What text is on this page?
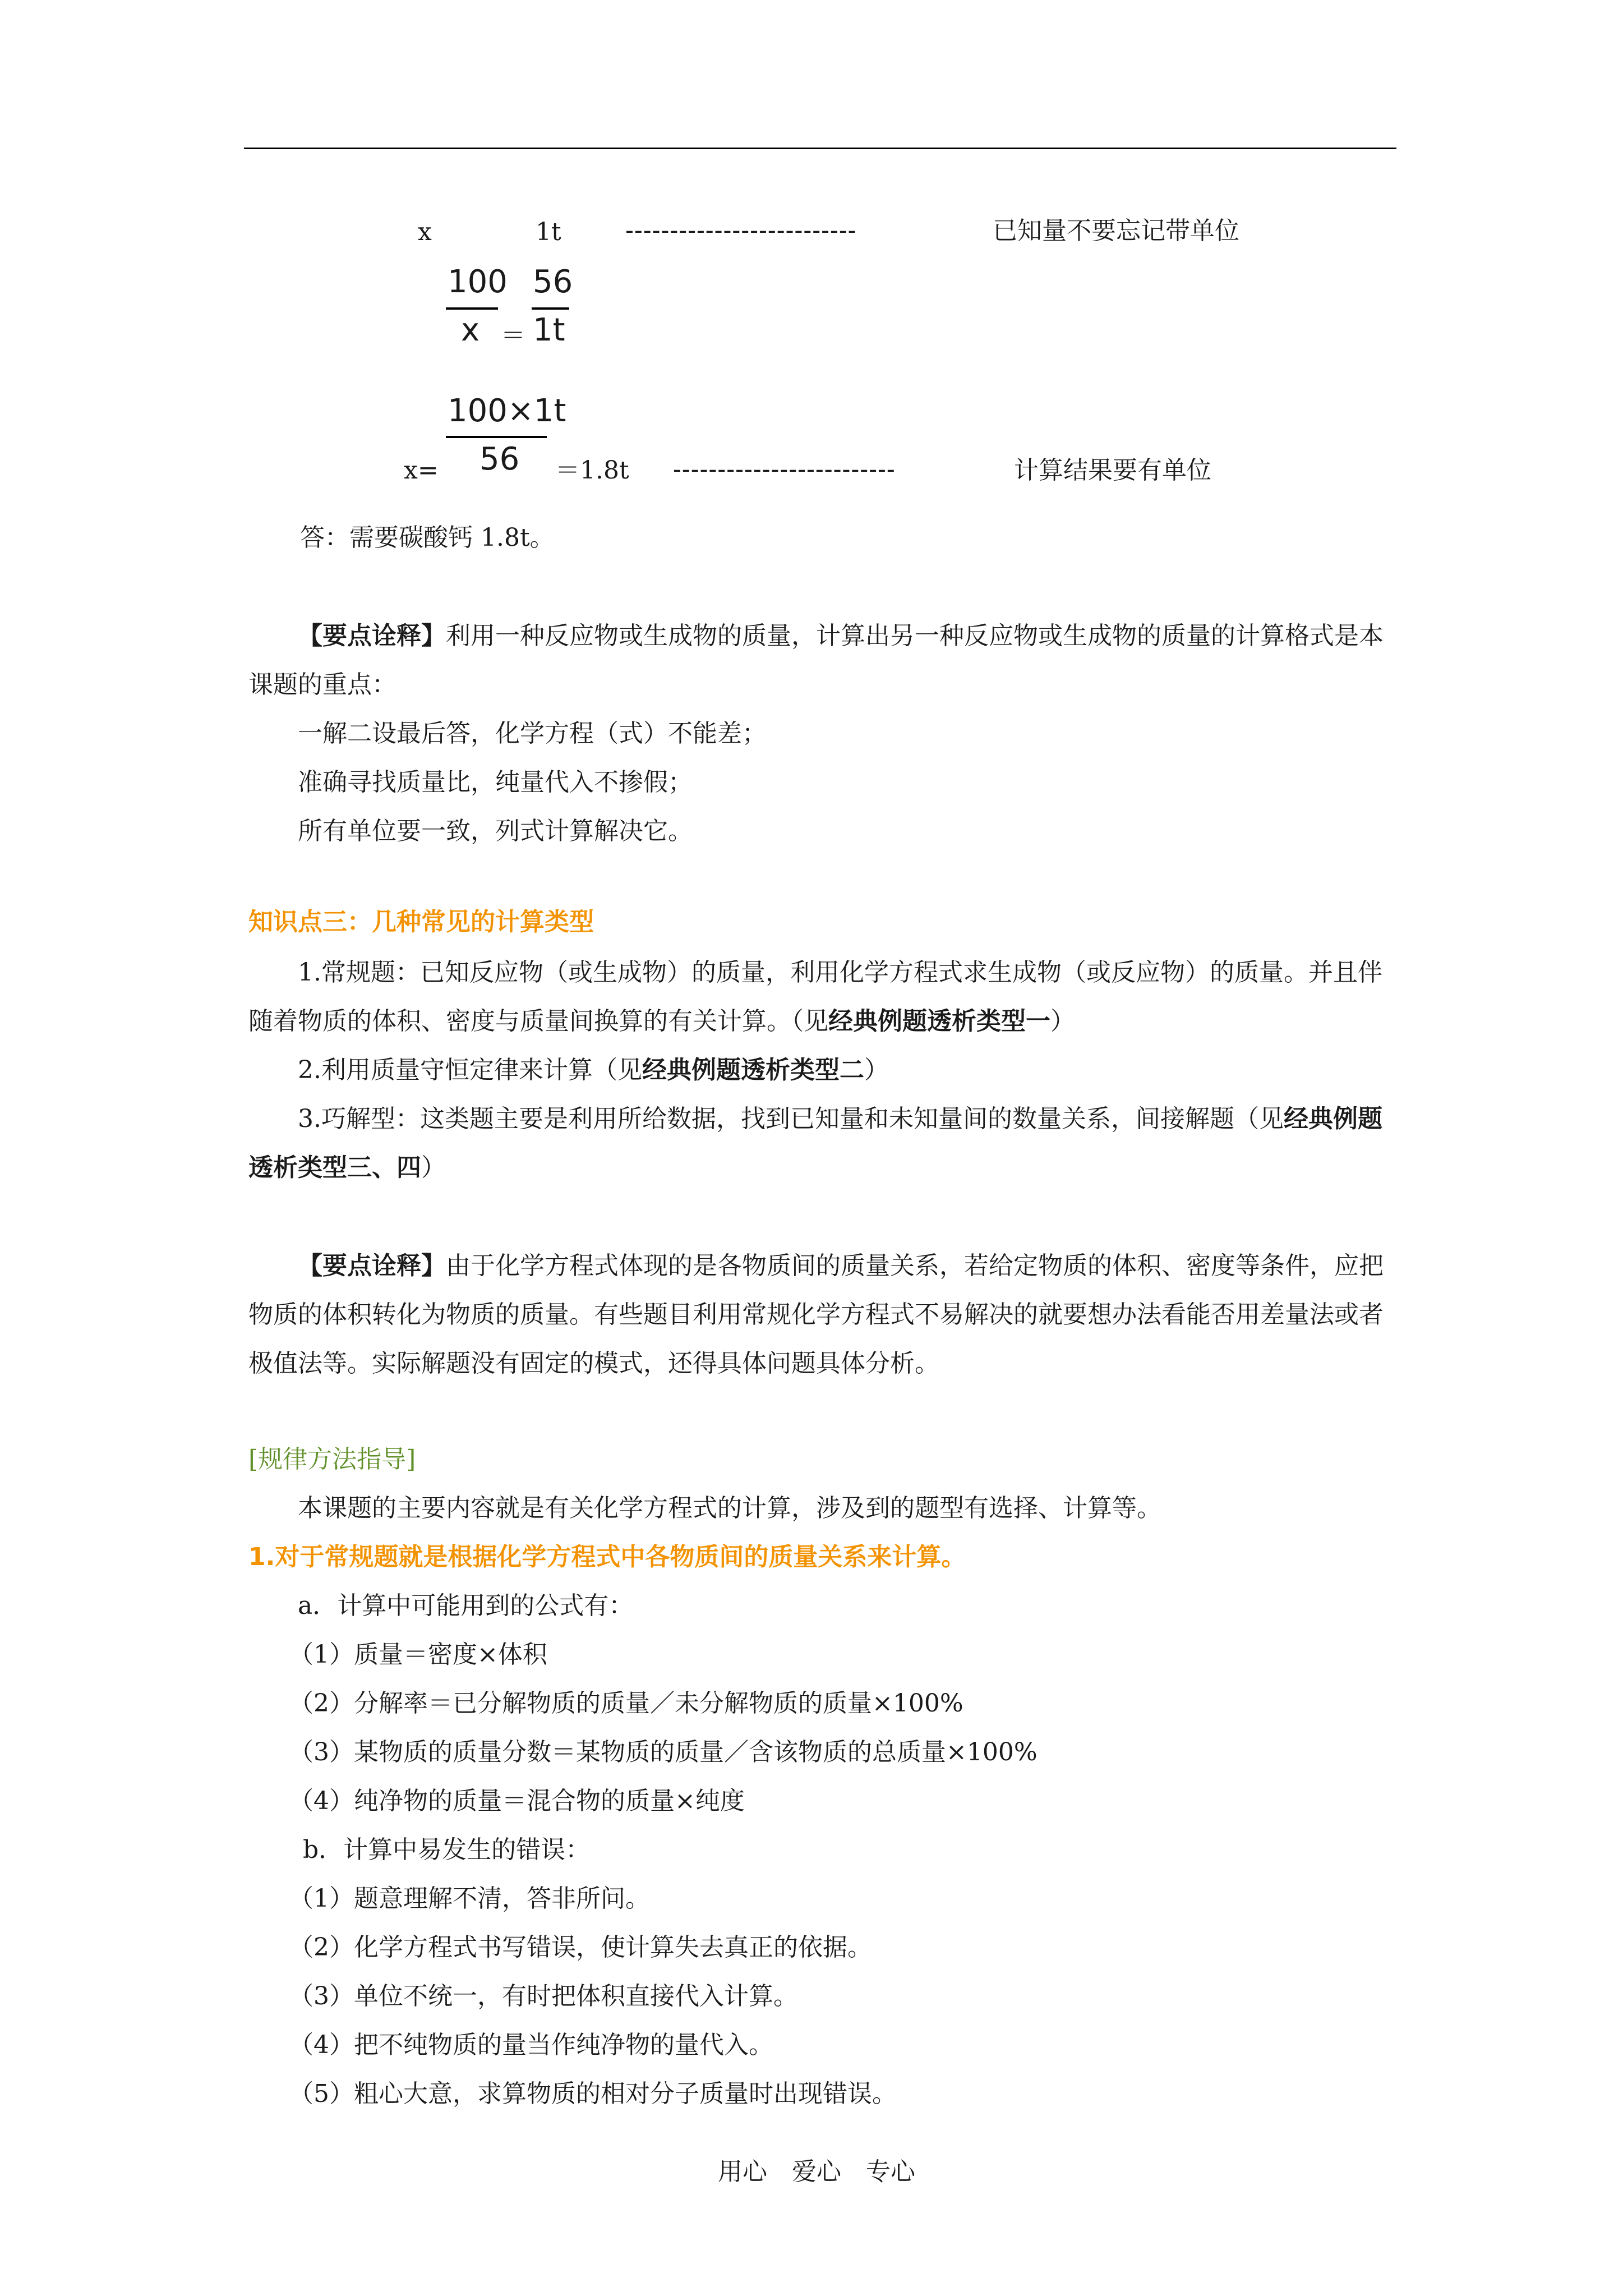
x	1t	--------------------------	已知量不要忘记带单位
100
x ＝
56
1t
x=
100×1t
56 ＝1.8t -------------------------	计算结果要有单位
答：需要碳酸钙 1.8t。
【要点诠释】利用一种反应物或生成物的质量，计算出另一种反应物或生成物的质量的计算格式是本课题的重点：
一解二设最后答，化学方程（式）不能差；
准确寻找质量比，纯量代入不掺假；
所有单位要一致，列式计算解决它。
知识点三：几种常见的计算类型
1.常规题：已知反应物（或生成物）的质量，利用化学方程式求生成物（或反应物）的质量。并且伴随着物质的体积、密度与质量间换算的有关计算。（见经典例题透析类型一）
2.利用质量守恒定律来计算（见经典例题透析类型二）
3.巧解型：这类题主要是利用所给数据，找到已知量和未知量间的数量关系，间接解题（见经典例题透析类型三、四）
【要点诠释】由于化学方程式体现的是各物质间的质量关系，若给定物质的体积、密度等条件，应把物质的体积转化为物质的质量。有些题目利用常规化学方程式不易解决的就要想办法看能否用差量法或者极值法等。实际解题没有固定的模式，还得具体问题具体分析。
[规律方法指导]
本课题的主要内容就是有关化学方程式的计算，涉及到的题型有选择、计算等。
1.对于常规题就是根据化学方程式中各物质间的质量关系来计算。
a．计算中可能用到的公式有：
（1）质量＝密度×体积
（2）分解率＝已分解物质的质量／未分解物质的质量×100%
（3）某物质的质量分数＝某物质的质量／含该物质的总质量×100%
（4）纯净物的质量＝混合物的质量×纯度
b．计算中易发生的错误：
（1）题意理解不清，答非所问。
（2）化学方程式书写错误，使计算失去真正的依据。
（3）单位不统一，有时把体积直接代入计算。
（4）把不纯物质的量当作纯净物的量代入。
（5）粗心大意，求算物质的相对分子质量时出现错误。
用心　爱心　专心
